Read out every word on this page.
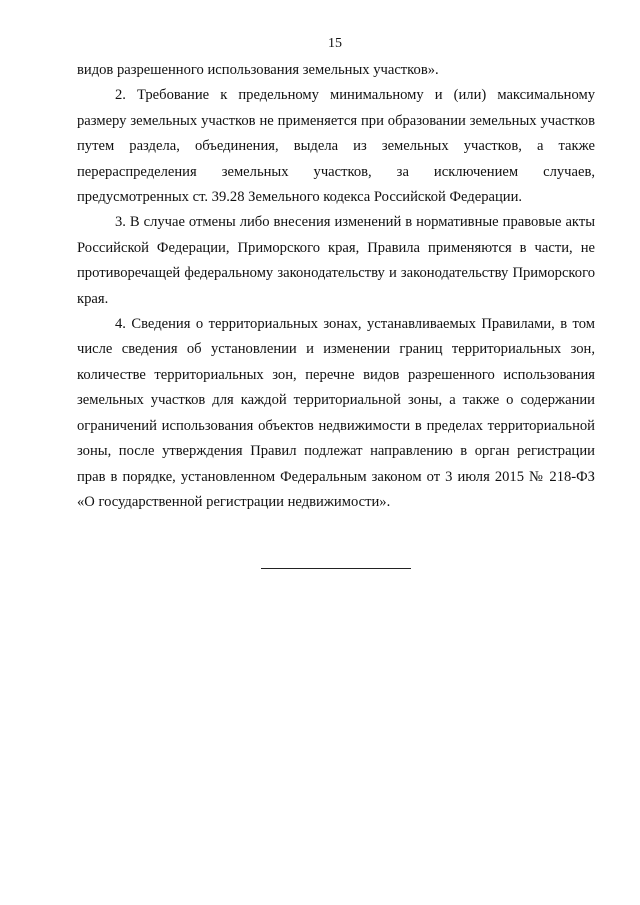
15

видов разрешенного использования земельных участков».

2. Требование к предельному минимальному и (или) максимальному размеру земельных участков не применяется при образовании земельных участков путем раздела, объединения, выдела из земельных участков, а также перераспределения земельных участков, за исключением случаев, предусмотренных ст. 39.28 Земельного кодекса Российской Федерации.

3. В случае отмены либо внесения изменений в нормативные правовые акты Российской Федерации, Приморского края, Правила применяются в части, не противоречащей федеральному законодательству и законодательству Приморского края.

4. Сведения о территориальных зонах, устанавливаемых Правилами, в том числе сведения об установлении и изменении границ территориальных зон, количестве территориальных зон, перечне видов разрешенного использования земельных участков для каждой территориальной зоны, а также о содержании ограничений использования объектов недвижимости в пределах территориальной зоны, после утверждения Правил подлежат направлению в орган регистрации прав в порядке, установленном Федеральным законом от 3 июля 2015 № 218-ФЗ «О государственной регистрации недвижимости».
